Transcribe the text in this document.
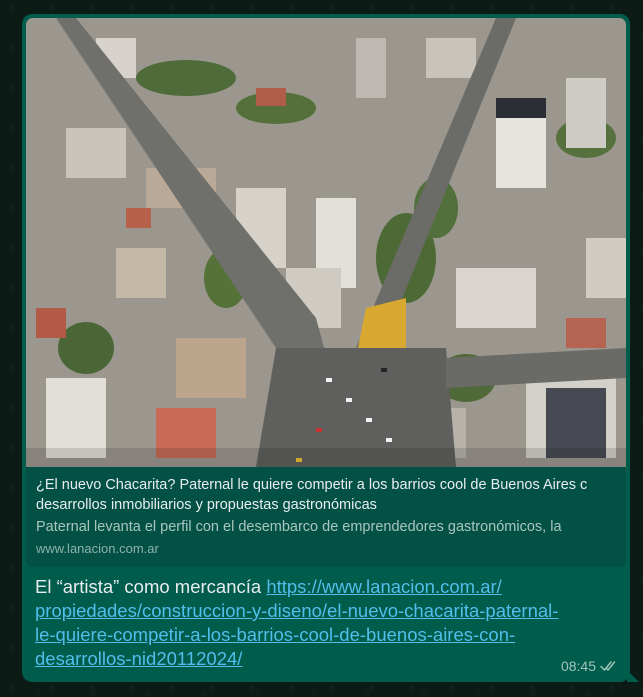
¿El nuevo Chacarita? Paternal le quiere competir a los barrios cool de Buenos Aires c
desarrollos inmobiliarios y propuestas gastronómicas
Paternal levanta el perfil con el desembarco de emprendedores gastronómicos, la
www.lanacion.com.ar
El “artista” como mercancía https://www.lanacion.com.ar/
propiedades/construccion-y-diseno/el-nuevo-chacarita-paternal-
le-quiere-competir-a-los-barrios-cool-de-buenos-aires-con-
desarrollos-nid20112024/	08:45
